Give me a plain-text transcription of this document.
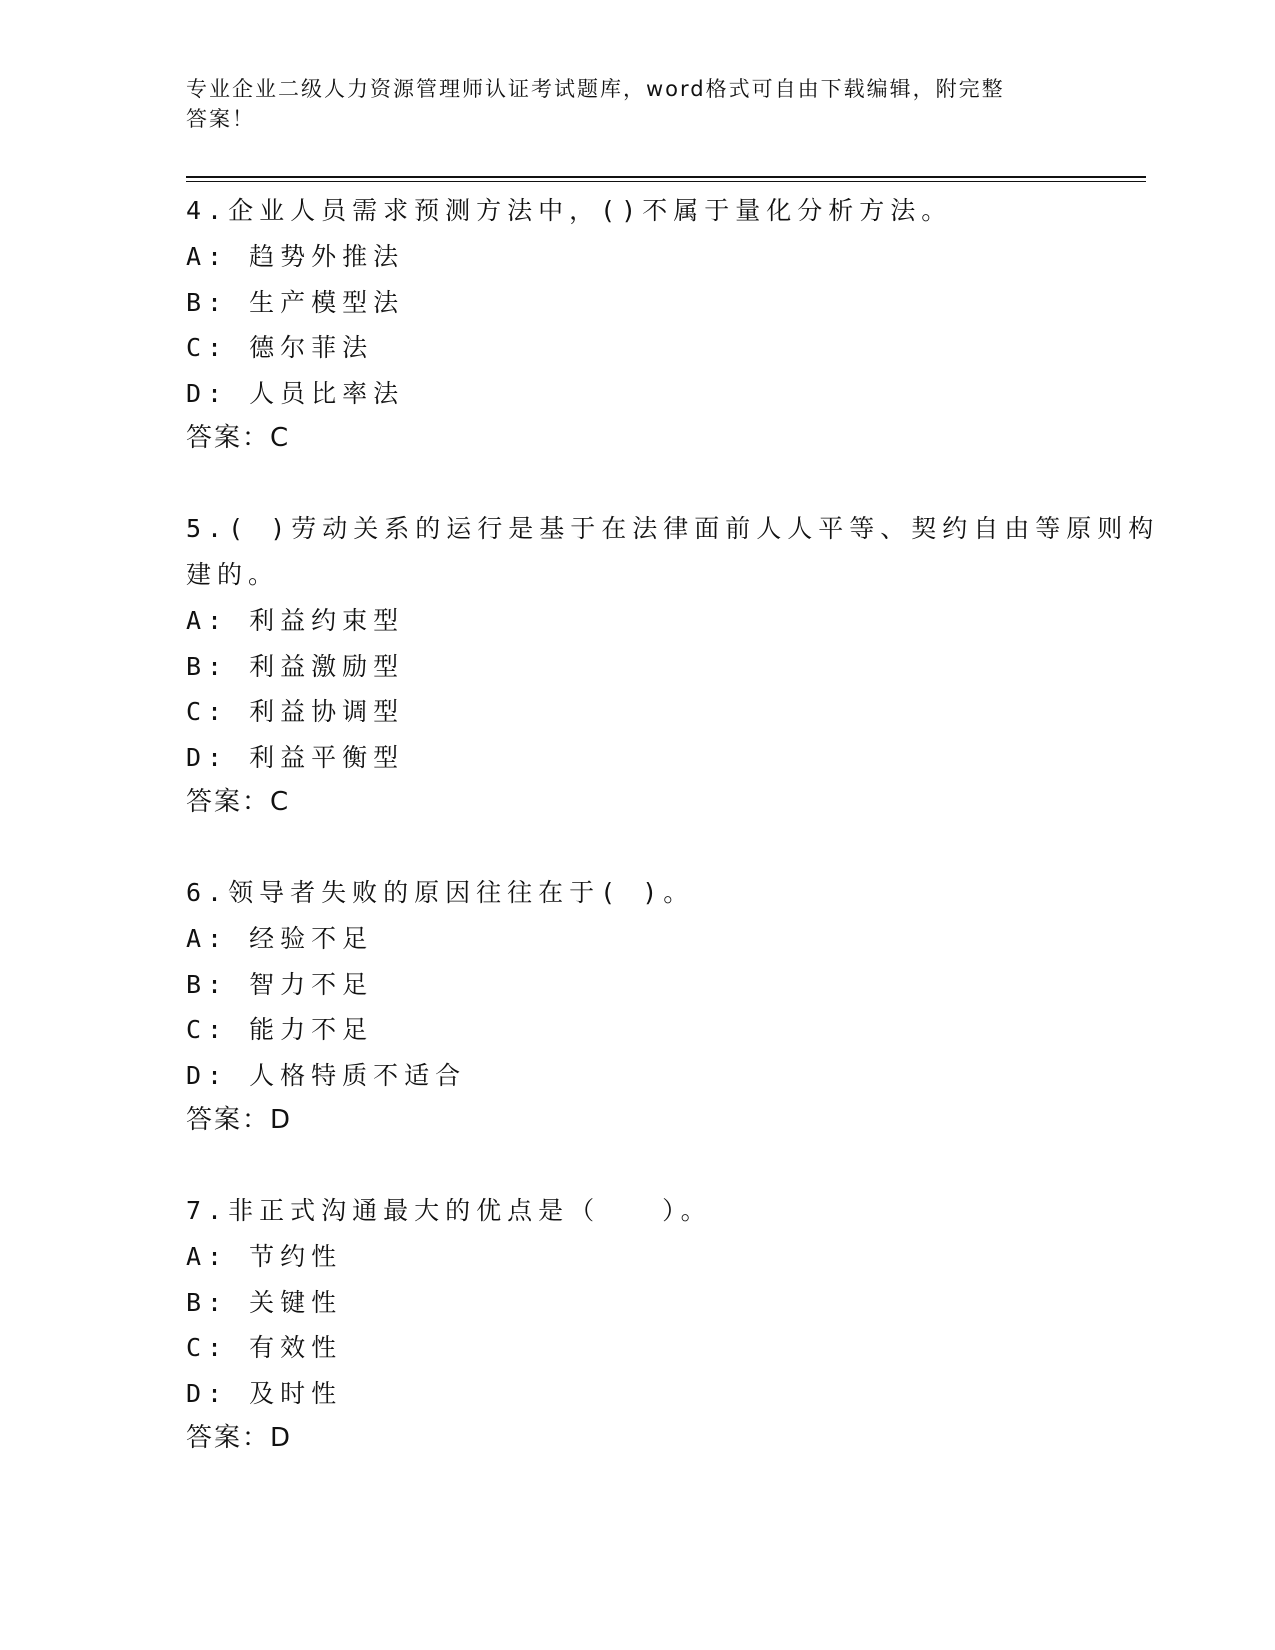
专业企业二级人力资源管理师认证考试题库，word格式可自由下载编辑，附完整
答案！
4.企业人员需求预测方法中，()不属于量化分析方法。
A: 趋势外推法
B: 生产模型法
C: 德尔菲法
D: 人员比率法
答案：C
5.( )劳动关系的运行是基于在法律面前人人平等、契约自由等原则构
建的。
A: 利益约束型
B: 利益激励型
C: 利益协调型
D: 利益平衡型
答案：C
6.领导者失败的原因往往在于( )。
A: 经验不足
B: 智力不足
C: 能力不足
D: 人格特质不适合
答案：D
7.非正式沟通最大的优点是（　　）。
A: 节约性
B: 关键性
C: 有效性
D: 及时性
答案：D
